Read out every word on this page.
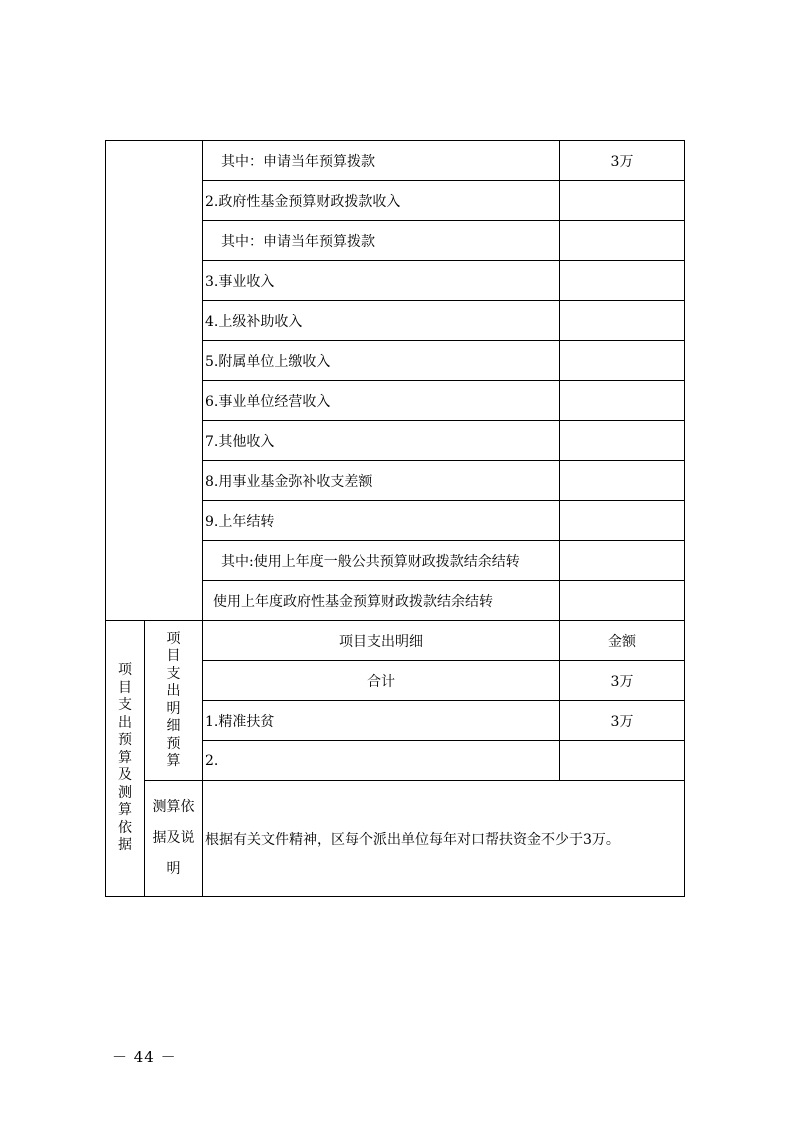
		其中：申请当年预算拨款	3万
		2.政府性基金预算财政拨款收入	
		其中：申请当年预算拨款	
		3.事业收入	
		4.上级补助收入	
		5.附属单位上缴收入	
		6.事业单位经营收入	
		7.其他收入	
		8.用事业基金弥补收支差额	
		9.上年结转	
		其中:使用上年度一般公共预算财政拨款结余结转	
		使用上年度政府性基金预算财政拨款结余结转	
项目支出预算及测算依据	项目支出明细预算	项目支出明细	金额
		合计	3万
		1.精准扶贫	3万
		2.	

	测算依
据及说
明	根据有关文件精神，区每个派出单位每年对口帮扶资金不少于3万。	
－ 44 －
